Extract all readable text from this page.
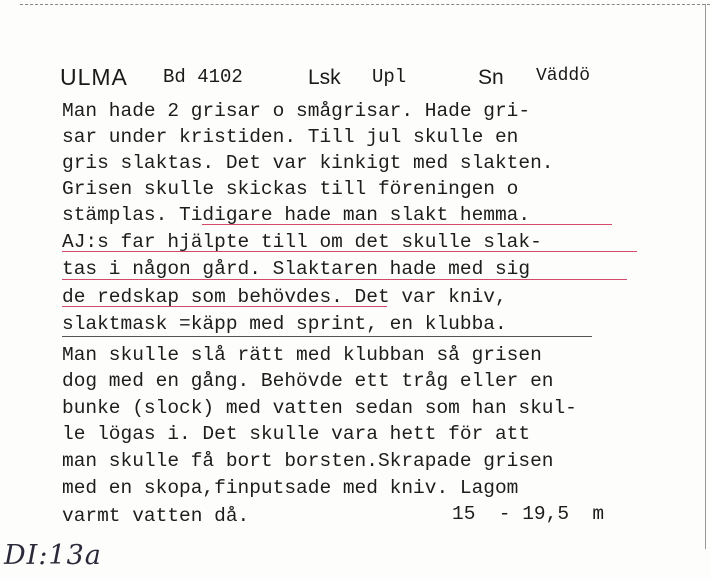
ULMA Bd 4102	Lsk Upl	Sn Väddö
Man hade 2 grisar o smågrisar. Hade gri-
sar under kristiden. Till jul skulle en
gris slaktas. Det var kinkigt med slakten.
Grisen skulle skickas till föreningen o
stämplas. Tidigare hade man slakt hemma.
AJ:s far hjälpte till om det skulle slak-
tas i någon gård. Slaktaren hade med sig
de redskap som behövdes. Det var kniv,
slaktmask =käpp med sprint, en klubba.
Man skulle slå rätt med klubban så grisen
dog med en gång. Behövde ett tråg eller en
bunke (slock) med vatten sedan som han skul-
le lögas i. Det skulle vara hett för att
man skulle få bort borsten.Skrapade grisen
med en skopa,finputsade med kniv. Lagom
varmt vatten då.	15  - 19,5  m
DI:13a
